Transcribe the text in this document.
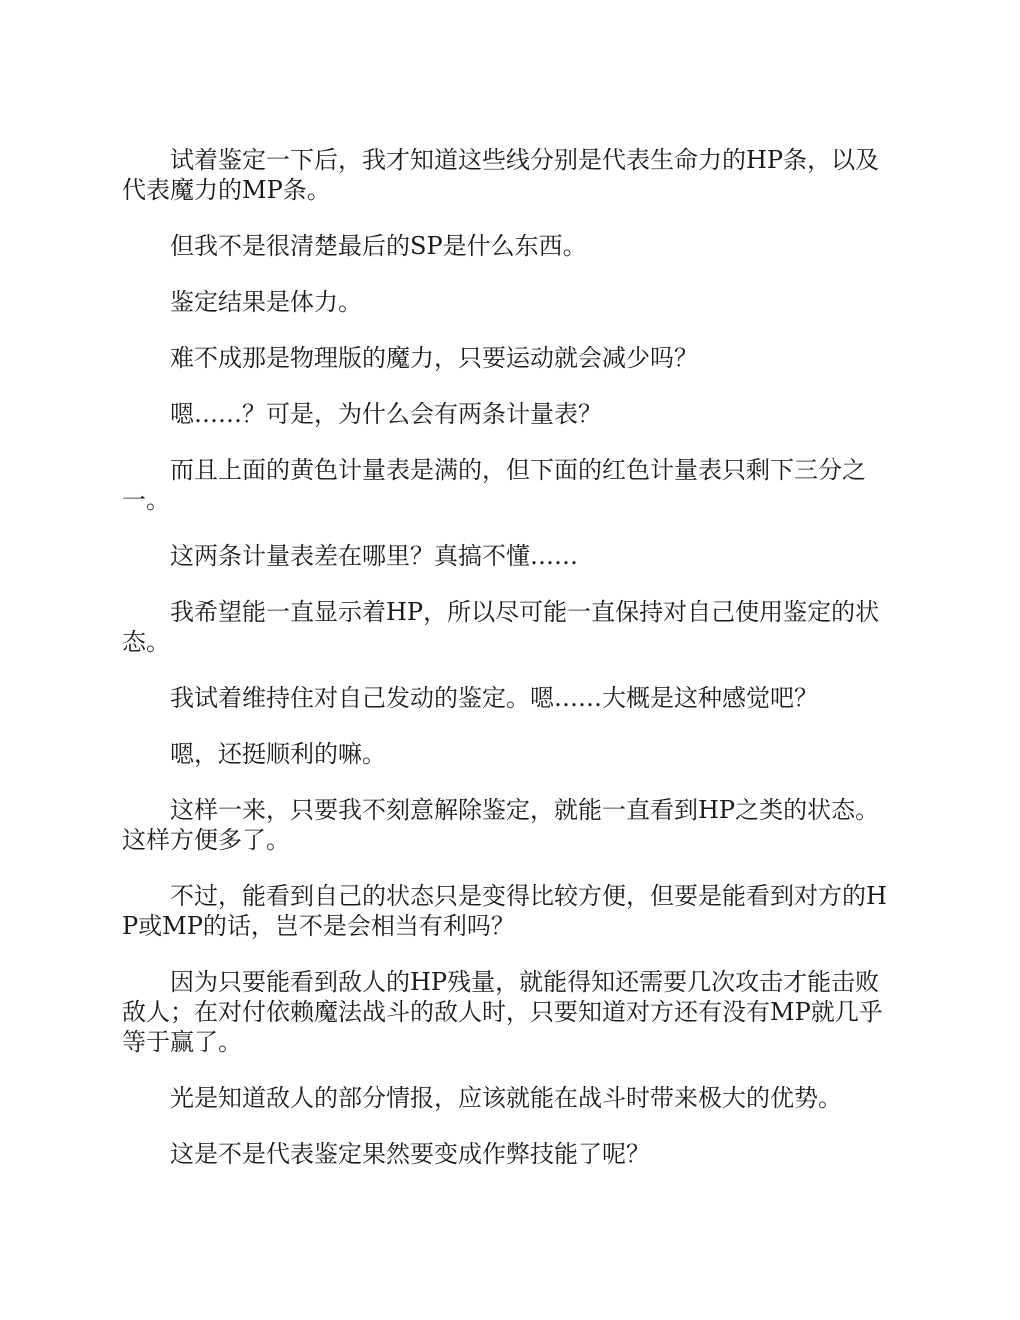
试着鉴定一下后，我才知道这些线分别是代表生命力的HP条，以及代表魔力的MP条。

但我不是很清楚最后的SP是什么东西。

鉴定结果是体力。

难不成那是物理版的魔力，只要运动就会减少吗？

嗯……？可是，为什么会有两条计量表？

而且上面的黄色计量表是满的，但下面的红色计量表只剩下三分之一。

这两条计量表差在哪里？真搞不懂……

我希望能一直显示着HP，所以尽可能一直保持对自己使用鉴定的状态。

我试着维持住对自己发动的鉴定。嗯……大概是这种感觉吧？

嗯，还挺顺利的嘛。

这样一来，只要我不刻意解除鉴定，就能一直看到HP之类的状态。这样方便多了。

不过，能看到自己的状态只是变得比较方便，但要是能看到对方的HP或MP的话，岂不是会相当有利吗？

因为只要能看到敌人的HP残量，就能得知还需要几次攻击才能击败敌人；在对付依赖魔法战斗的敌人时，只要知道对方还有没有MP就几乎等于赢了。

光是知道敌人的部分情报，应该就能在战斗时带来极大的优势。

这是不是代表鉴定果然要变成作弊技能了呢？
